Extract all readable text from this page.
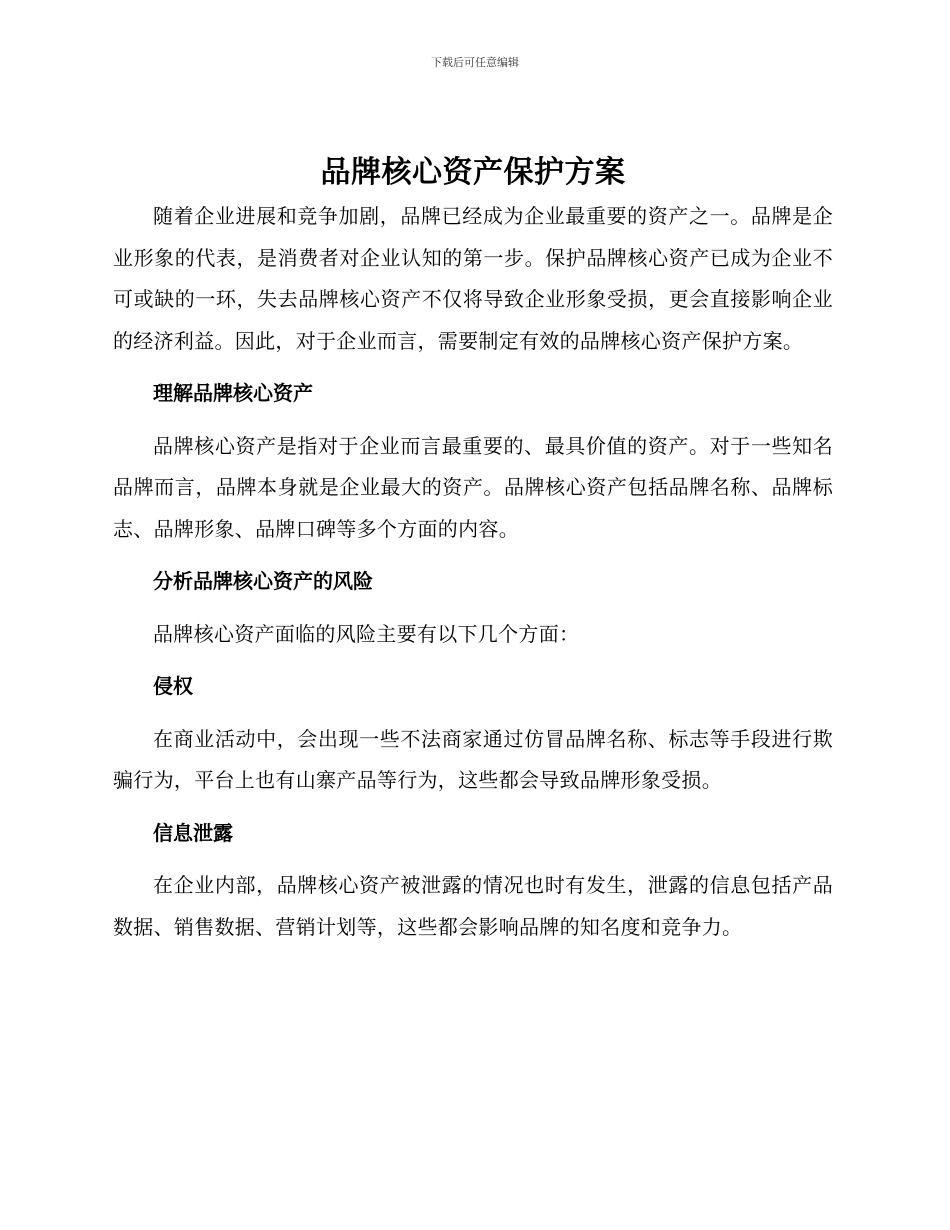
下载后可任意编辑
品牌核心资产保护方案

随着企业进展和竞争加剧，品牌已经成为企业最重要的资产之一。品牌是企业形象的代表，是消费者对企业认知的第一步。保护品牌核心资产已成为企业不可或缺的一环，失去品牌核心资产不仅将导致企业形象受损，更会直接影响企业的经济利益。因此，对于企业而言，需要制定有效的品牌核心资产保护方案。

理解品牌核心资产

品牌核心资产是指对于企业而言最重要的、最具价值的资产。对于一些知名品牌而言，品牌本身就是企业最大的资产。品牌核心资产包括品牌名称、品牌标志、品牌形象、品牌口碑等多个方面的内容。

分析品牌核心资产的风险

品牌核心资产面临的风险主要有以下几个方面：

侵权

在商业活动中，会出现一些不法商家通过仿冒品牌名称、标志等手段进行欺骗行为，平台上也有山寨产品等行为，这些都会导致品牌形象受损。

信息泄露

在企业内部，品牌核心资产被泄露的情况也时有发生，泄露的信息包括产品数据、销售数据、营销计划等，这些都会影响品牌的知名度和竞争力。
